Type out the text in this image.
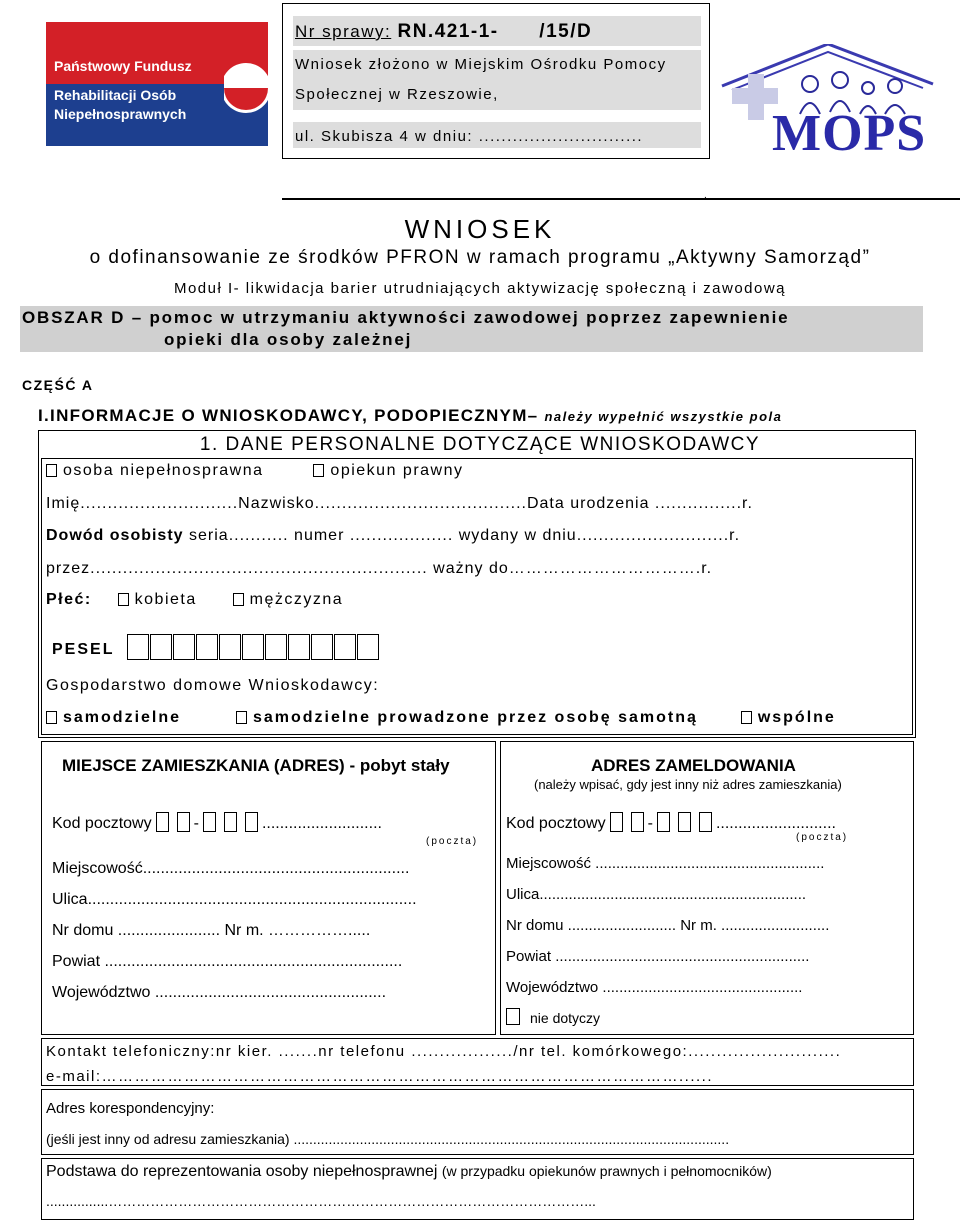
Państwowy Fundusz
Rehabilitacji Osób Niepełnosprawnych
Nr sprawy: RN.421-1-      /15/D
Wniosek złożono w Miejskim Ośrodku Pomocy
Społecznej w Rzeszowie,
ul. Skubisza 4 w dniu: ............................. MOPS
.
WNIOSEK
o dofinansowanie ze środków PFRON w ramach programu „Aktywny Samorząd”
Moduł I- likwidacja barier utrudniających aktywizację społeczną i zawodową
OBSZAR D – pomoc w utrzymaniu aktywności zawodowej poprzez zapewnienie
opieki dla osoby zależnej
CZĘŚĆ A
I.INFORMACJE O WNIOSKODAWCY, PODOPIECZNYM– należy wypełnić wszystkie pola
1. DANE PERSONALNE DOTYCZĄCE WNIOSKODAWCY
osoba niepełnosprawna	opiekun prawny
Imię.............................Nazwisko.......................................Data urodzenia ................r.
Dowód osobisty seria........... numer ................... wydany w dniu............................r.
przez.............................................................. ważny do…………………………….r.
Płeć:	kobieta	mężczyzna
PESEL
Gospodarstwo domowe Wnioskodawcy:
samodzielne	samodzielne prowadzone przez osobę samotną	wspólne
MIEJSCE ZAMIESZKANIA (ADRES) - pobyt stały
Kod pocztowy	-	...........................
(poczta)
Miejscowość............................................................
Ulica..........................................................................
Nr domu ....................... Nr m. …………….....
Powiat ...................................................................
Województwo ....................................................
ADRES ZAMELDOWANIA
(należy wpisać, gdy jest inny niż adres zamieszkania)
Kod pocztowy	-	...........................
(poczta)
Miejscowość .......................................................
Ulica................................................................
Nr domu .......................... Nr m. ..........................
Powiat .............................................................
Województwo ................................................
nie dotyczy
Kontakt telefoniczny:nr kier. .......nr telefonu ................../nr tel. komórkowego:...........................
e-mail:……………………………………………………………………………………………......
Adres korespondencyjny:
(jeśli jest inny od adresu zamieszkania) ................................................................................................................
Podstawa do reprezentowania osoby niepełnosprawnej (w przypadku opiekunów prawnych i pełnomocników)
................…………………………………………………………………………………………...
